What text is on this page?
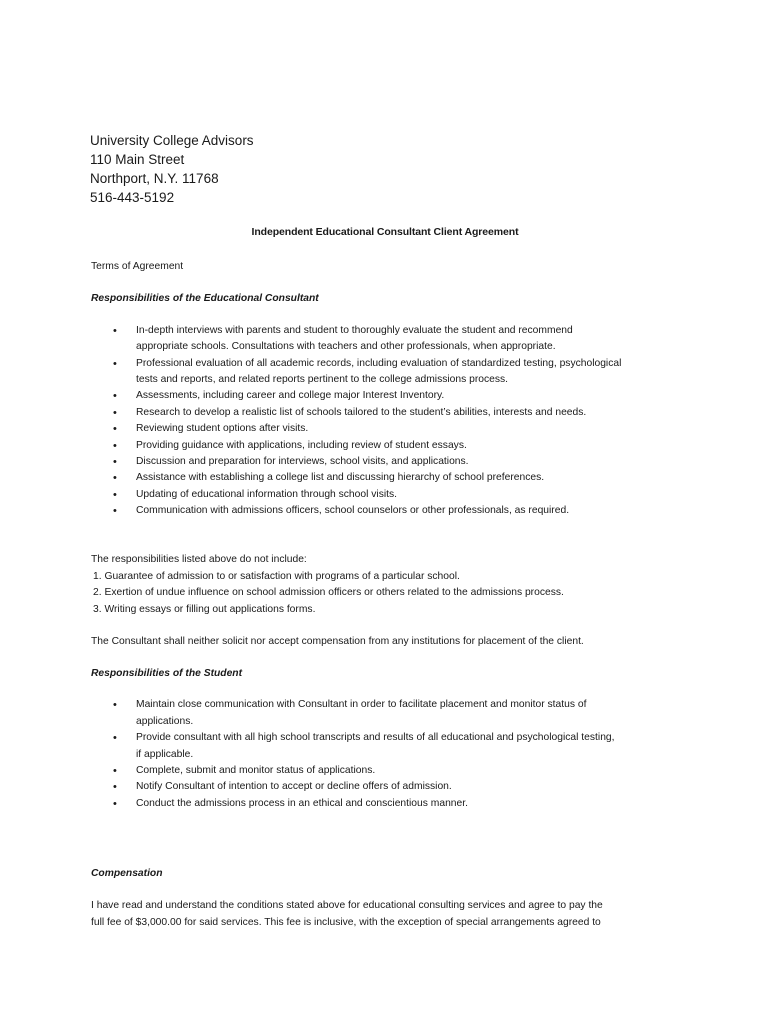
University College Advisors
110 Main Street
Northport, N.Y. 11768
516-443-5192
Independent Educational Consultant Client Agreement

Terms of Agreement

Responsibilities of the Educational Consultant

• In-depth interviews with parents and student to thoroughly evaluate the student and recommend
appropriate schools. Consultations with teachers and other professionals, when appropriate.
• Professional evaluation of all academic records, including evaluation of standardized testing, psychological
tests and reports, and related reports pertinent to the college admissions process.
• Assessments, including career and college major Interest Inventory.
• Research to develop a realistic list of schools tailored to the student’s abilities, interests and needs.
• Reviewing student options after visits.
• Providing guidance with applications, including review of student essays.
• Discussion and preparation for interviews, school visits, and applications.
• Assistance with establishing a college list and discussing hierarchy of school preferences.
• Updating of educational information through school visits.
• Communication with admissions officers, school counselors or other professionals, as required.

The responsibilities listed above do not include:

1. Guarantee of admission to or satisfaction with programs of a particular school.
2. Exertion of undue influence on school admission officers or others related to the admissions process.
3. Writing essays or filling out applications forms.

The Consultant shall neither solicit nor accept compensation from any institutions for placement of the client.

Responsibilities of the Student

• Maintain close communication with Consultant in order to facilitate placement and monitor status of
applications.
• Provide consultant with all high school transcripts and results of all educational and psychological testing,
if applicable.
• Complete, submit and monitor status of applications.
• Notify Consultant of intention to accept or decline offers of admission.
• Conduct the admissions process in an ethical and conscientious manner.

Compensation

I have read and understand the conditions stated above for educational consulting services and agree to pay the

full fee of $3,000.00 for said services. This fee is inclusive, with the exception of special arrangements agreed to
